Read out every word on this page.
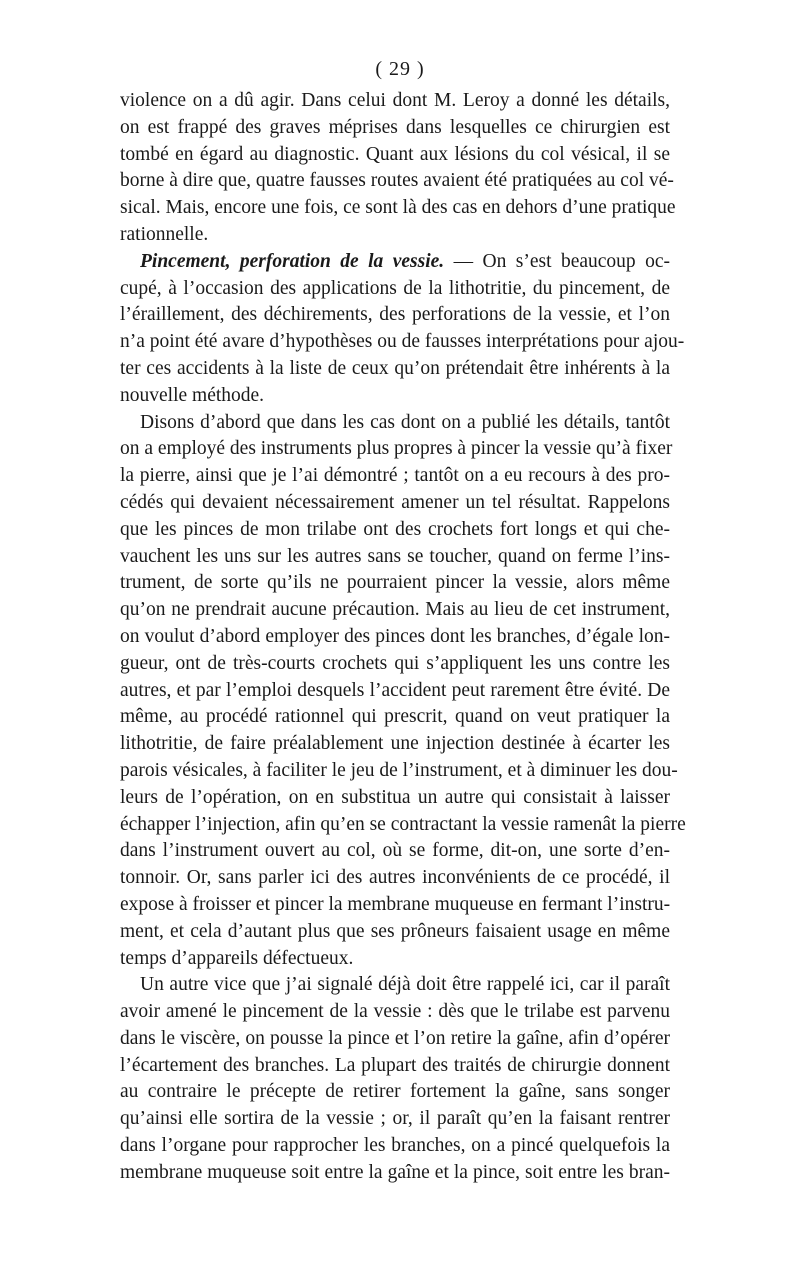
( 29 )
violence on a dû agir. Dans celui dont M. Leroy a donné les détails,
on est frappé des graves méprises dans lesquelles ce chirurgien est
tombé en égard au diagnostic. Quant aux lésions du col vésical, il se
borne à dire que, quatre fausses routes avaient été pratiquées au col vé-
sical. Mais, encore une fois, ce sont là des cas en dehors d’une pratique
rationnelle.
Pincement, perforation de la vessie. — On s’est beaucoup oc-
cupé, à l’occasion des applications de la lithotritie, du pincement, de
l’éraillement, des déchirements, des perforations de la vessie, et l’on
n’a point été avare d’hypothèses ou de fausses interprétations pour ajou-
ter ces accidents à la liste de ceux qu’on prétendait être inhérents à la
nouvelle méthode.
Disons d’abord que dans les cas dont on a publié les détails, tantôt
on a employé des instruments plus propres à pincer la vessie qu’à fixer
la pierre, ainsi que je l’ai démontré ; tantôt on a eu recours à des pro-
cédés qui devaient nécessairement amener un tel résultat. Rappelons
que les pinces de mon trilabe ont des crochets fort longs et qui che-
vauchent les uns sur les autres sans se toucher, quand on ferme l’ins-
trument, de sorte qu’ils ne pourraient pincer la vessie, alors même
qu’on ne prendrait aucune précaution. Mais au lieu de cet instrument,
on voulut d’abord employer des pinces dont les branches, d’égale lon-
gueur, ont de très-courts crochets qui s’appliquent les uns contre les
autres, et par l’emploi desquels l’accident peut rarement être évité. De
même, au procédé rationnel qui prescrit, quand on veut pratiquer la
lithotritie, de faire préalablement une injection destinée à écarter les
parois vésicales, à faciliter le jeu de l’instrument, et à diminuer les dou-
leurs de l’opération, on en substitua un autre qui consistait à laisser
échapper l’injection, afin qu’en se contractant la vessie ramenât la pierre
dans l’instrument ouvert au col, où se forme, dit-on, une sorte d’en-
tonnoir. Or, sans parler ici des autres inconvénients de ce procédé, il
expose à froisser et pincer la membrane muqueuse en fermant l’instru-
ment, et cela d’autant plus que ses prôneurs faisaient usage en même
temps d’appareils défectueux.
Un autre vice que j’ai signalé déjà doit être rappelé ici, car il paraît
avoir amené le pincement de la vessie : dès que le trilabe est parvenu
dans le viscère, on pousse la pince et l’on retire la gaîne, afin d’opérer
l’écartement des branches. La plupart des traités de chirurgie donnent
au contraire le précepte de retirer fortement la gaîne, sans songer
qu’ainsi elle sortira de la vessie ; or, il paraît qu’en la faisant rentrer
dans l’organe pour rapprocher les branches, on a pincé quelquefois la
membrane muqueuse soit entre la gaîne et la pince, soit entre les bran-
